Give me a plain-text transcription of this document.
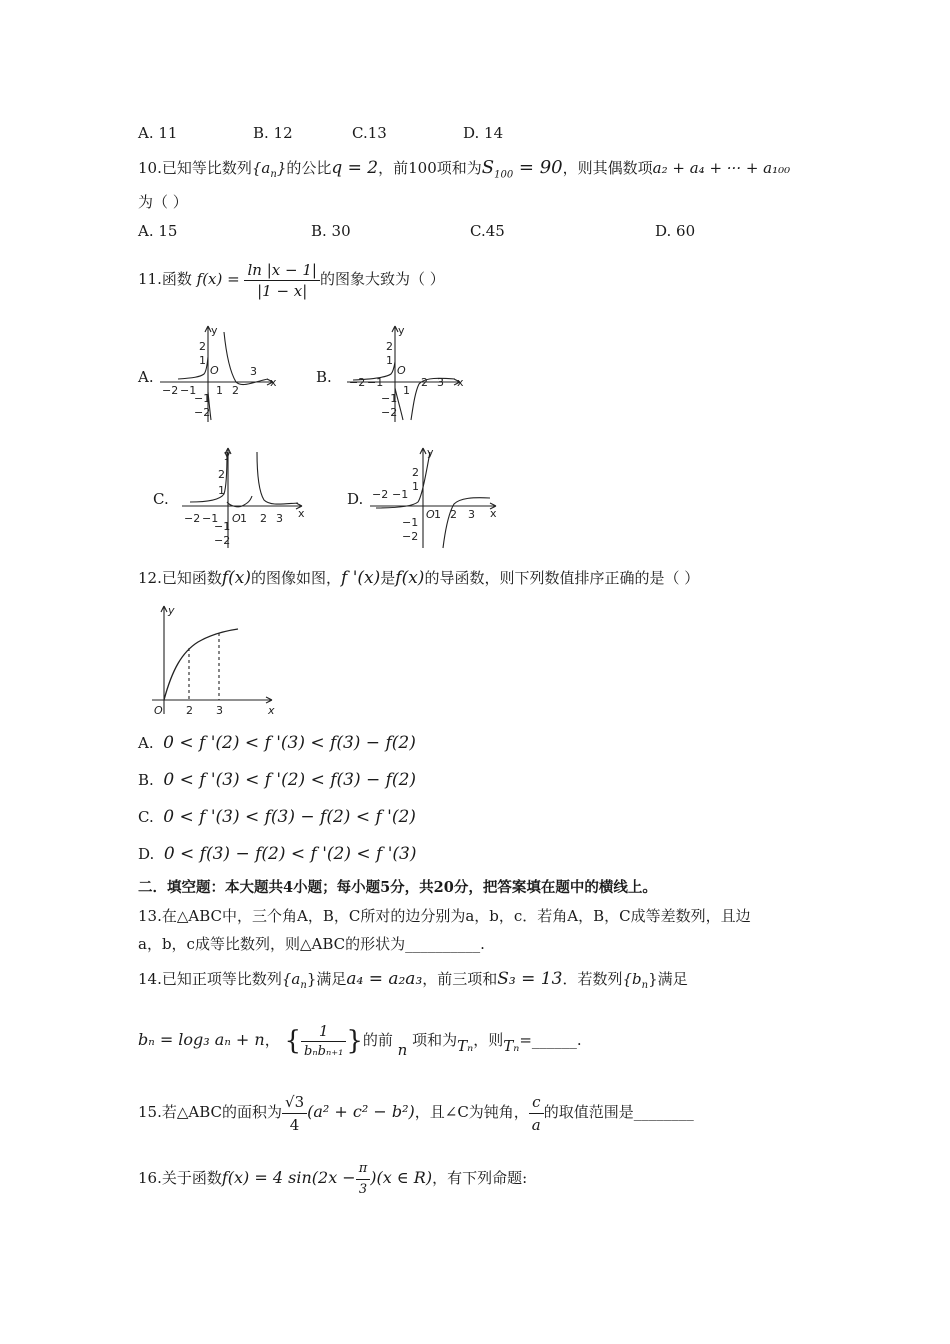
A. 11	B. 12	C.13	D. 14
10.已知等比数列$\{a_n\}$的公比q = 2，前100项和为$S_{100} = 90$，则其偶数项a₂ + a₄ + ··· + a₁₀₀
为（ ）
A. 15	B. 30	C.45	D. 60
11.函数 $f(x) = \frac{\ln |x - 1|}{|1 - x|}$ 的图象大致为（ ）
A.	B.
C.	D.
y
x
O
2
1
1 2
3
−2 −1
−1
−2
y
x
O
2
1
1
2 3
−2 −1
−1
−2
y
x
O
2
1
1 2 3
−2 −1
−1
−2
y
x
O
2
1
1 2 3
−2 −1
−1
−2
12.已知函数f(x)的图像如图，f '(x)是f(x)的导函数，则下列数值排序正确的是（ ）
y
x
O 2 3
A. 0 < f '(2) < f '(3) < f(3) − f(2)
B. 0 < f '(3) < f '(2) < f(3) − f(2)
C. 0 < f '(3) < f(3) − f(2) < f '(2)
D. 0 < f(3) − f(2) < f '(2) < f '(3)
二．填空题：本大题共4小题；每小题5分，共20分，把答案填在题中的横线上。
13.在△ABC中，三个角A，B，C所对的边分别为a，b，c．若角A，B，C成等差数列，且边
a，b，c成等比数列，则△ABC的形状为__________.
14.已知正项等比数列$\{a_n\}$满足a₄ = a₂a₃，前三项和S₃ = 13．若数列$\{b_n\}$满足
bₙ = log₃ aₙ + n， { $\frac{1}{\text{bₙbₙ₊₁}}$ }的前 n 项和为Tₙ，则Tₙ=______.
15.若△ABC的面积为 $\frac{√3}{4} (a^2 + c^2 - b^2)$，且∠C为钝角， $\frac{c}{a}$ 的取值范围是________
16.关于函数f(x) = 4 $\sin(2x - \frac{\pi}{3} )(x$ ∈ R)，有下列命题:
